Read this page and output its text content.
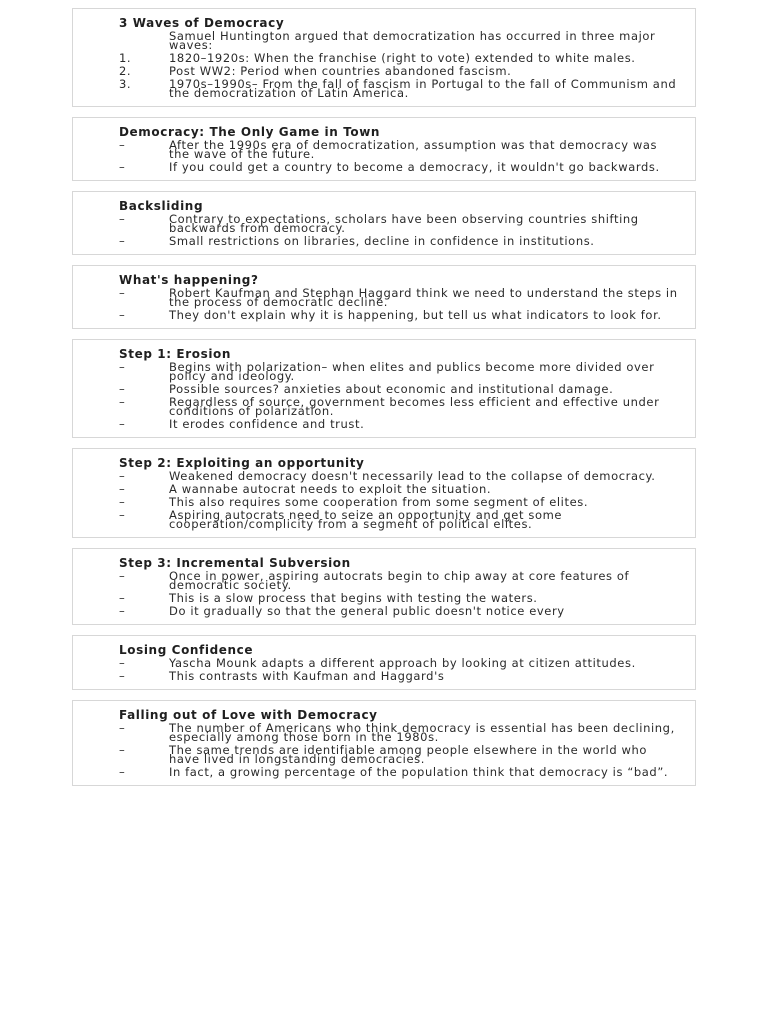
3 Waves of Democracy
Samuel Huntington argued that democratization has occurred in three major waves:
1.	1820–1920s: When the franchise (right to vote) extended to white males.
2.	Post WW2: Period when countries abandoned fascism.
3.	1970s–1990s– From the fall of fascism in Portugal to the fall of Communism and the democratization of Latin America.
Democracy: The Only Game in Town
–	After the 1990s era of democratization, assumption was that democracy was the wave of the future.
–	If you could get a country to become a democracy, it wouldn't go backwards.
Backsliding
–	Contrary to expectations, scholars have been observing countries shifting backwards from democracy.
–	Small restrictions on libraries, decline in confidence in institutions.
What's happening?
–	Robert Kaufman and Stephan Haggard think we need to understand the steps in the process of democratic decline.
–	They don't explain why it is happening, but tell us what indicators to look for.
Step 1: Erosion
–	Begins with polarization– when elites and publics become more divided over policy and ideology.
–	Possible sources? anxieties about economic and institutional damage.
–	Regardless of source, government becomes less efficient and effective under conditions of polarization.
–	It erodes confidence and trust.
Step 2: Exploiting an opportunity
–	Weakened democracy doesn't necessarily lead to the collapse of democracy.
–	A wannabe autocrat needs to exploit the situation.
–	This also requires some cooperation from some segment of elites.
–	Aspiring autocrats need to seize an opportunity and get some cooperation/complicity from a segment of political elites.
Step 3: Incremental Subversion
–	Once in power, aspiring autocrats begin to chip away at core features of democratic society.
–	This is a slow process that begins with testing the waters.
–	Do it gradually so that the general public doesn't notice every
Losing Confidence
–	Yascha Mounk adapts a different approach by looking at citizen attitudes.
–	This contrasts with Kaufman and Haggard's
Falling out of Love with Democracy
–	The number of Americans who think democracy is essential has been declining, especially among those born in the 1980s.
–	The same trends are identifiable among people elsewhere in the world who have lived in longstanding democracies.
–	In fact, a growing percentage of the population think that democracy is “bad”.
